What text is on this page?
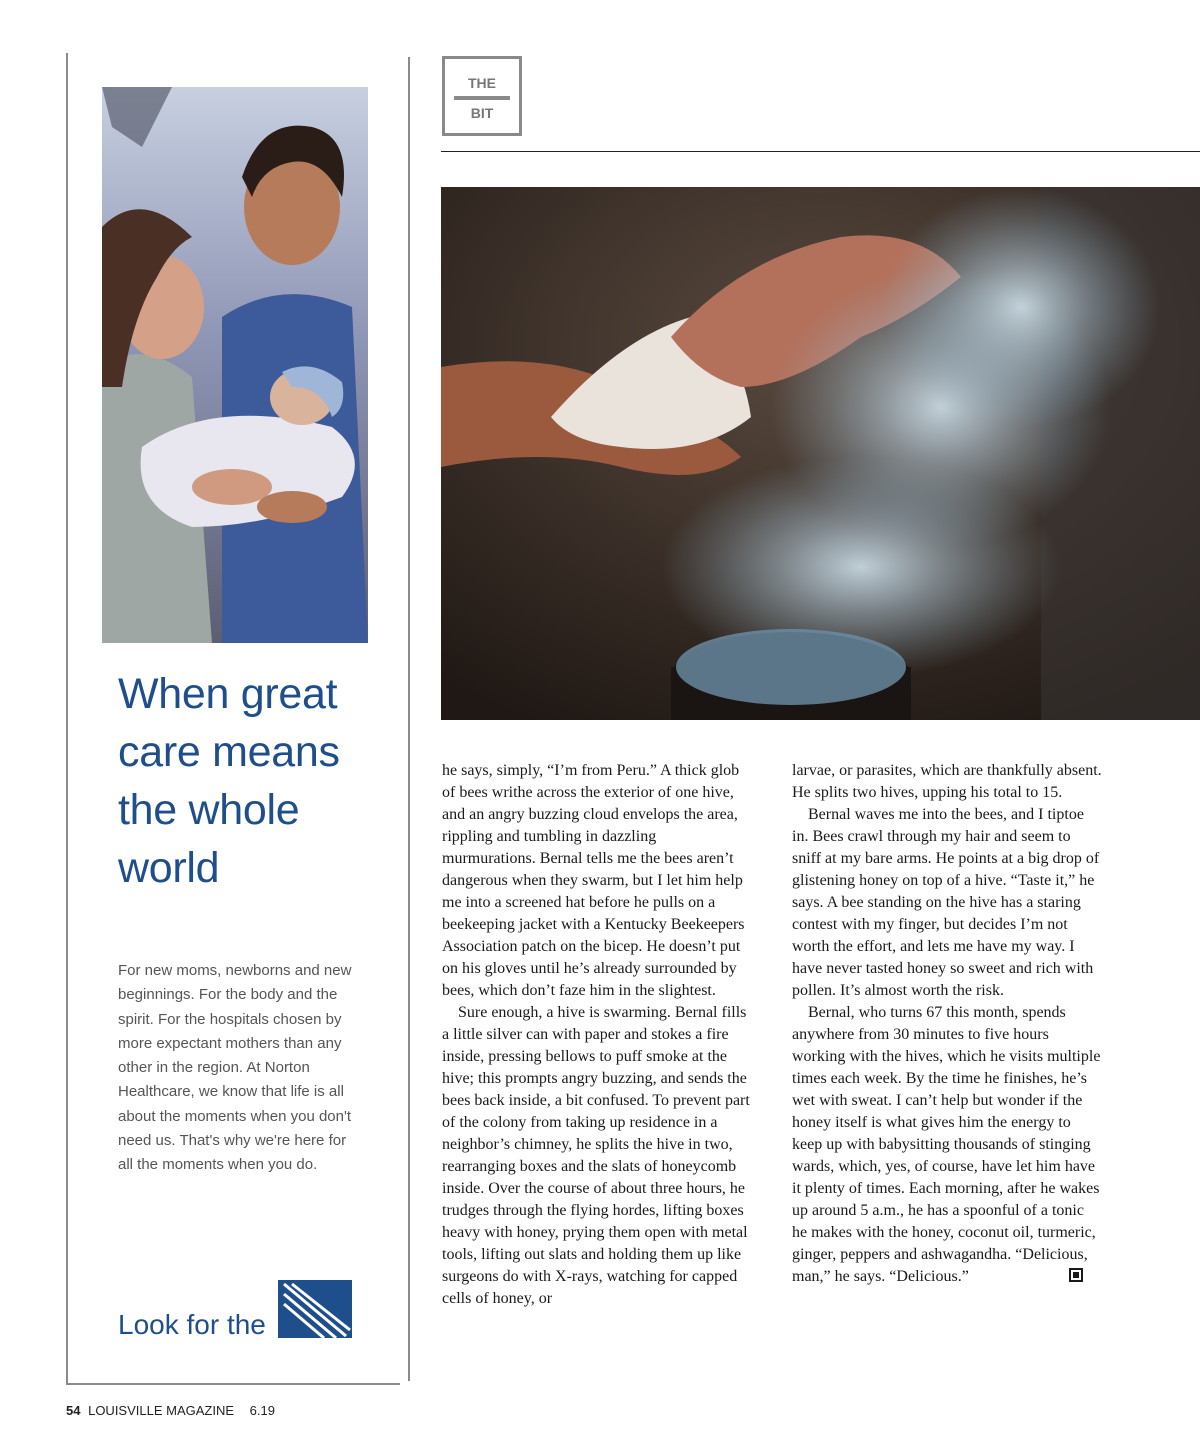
When great care means the whole world
For new moms, newborns and new beginnings. For the body and the spirit. For the hospitals chosen by more expectant mothers than any other in the region. At Norton Healthcare, we know that life is all about the moments when you don't need us. That's why we're here for all the moments when you do.
Look for the
THE
BIT

he says, simply, “I’m from Peru.” A thick glob of bees writhe across the exterior of one hive, and an angry buzzing cloud envelops the area, rippling and tumbling in dazzling murmurations. Bernal tells me the bees aren’t dangerous when they swarm, but I let him help me into a screened hat before he pulls on a beekeeping jacket with a Kentucky Beekeepers Association patch on the bicep. He doesn’t put on his gloves until he’s already surrounded by bees, which don’t faze him in the slightest.

Sure enough, a hive is swarming. Bernal fills a little silver can with paper and stokes a fire inside, pressing bellows to puff smoke at the hive; this prompts angry buzzing, and sends the bees back inside, a bit confused. To prevent part of the colony from taking up residence in a neighbor’s chimney, he splits the hive in two, rearranging boxes and the slats of honeycomb inside. Over the course of about three hours, he trudges through the flying hordes, lifting boxes heavy with honey, prying them open with metal tools, lifting out slats and holding them up like surgeons do with X-rays, watching for capped cells of honey, or

larvae, or parasites, which are thankfully absent. He splits two hives, upping his total to 15.

Bernal waves me into the bees, and I tiptoe in. Bees crawl through my hair and seem to sniff at my bare arms. He points at a big drop of glistening honey on top of a hive. “Taste it,” he says. A bee standing on the hive has a staring contest with my finger, but decides I’m not worth the effort, and lets me have my way. I have never tasted honey so sweet and rich with pollen. It’s almost worth the risk.

Bernal, who turns 67 this month, spends anywhere from 30 minutes to five hours working with the hives, which he visits multiple times each week. By the time he finishes, he’s wet with sweat. I can’t help but wonder if the honey itself is what gives him the energy to keep up with babysitting thousands of stinging wards, which, yes, of course, have let him have it plenty of times. Each morning, after he wakes up around 5 a.m., he has a spoonful of a tonic he makes with the honey, coconut oil, turmeric, ginger, peppers and ashwagandha. “Delicious, man,” he says. “Delicious.”

54 LOUISVILLE MAGAZINE 6.19
